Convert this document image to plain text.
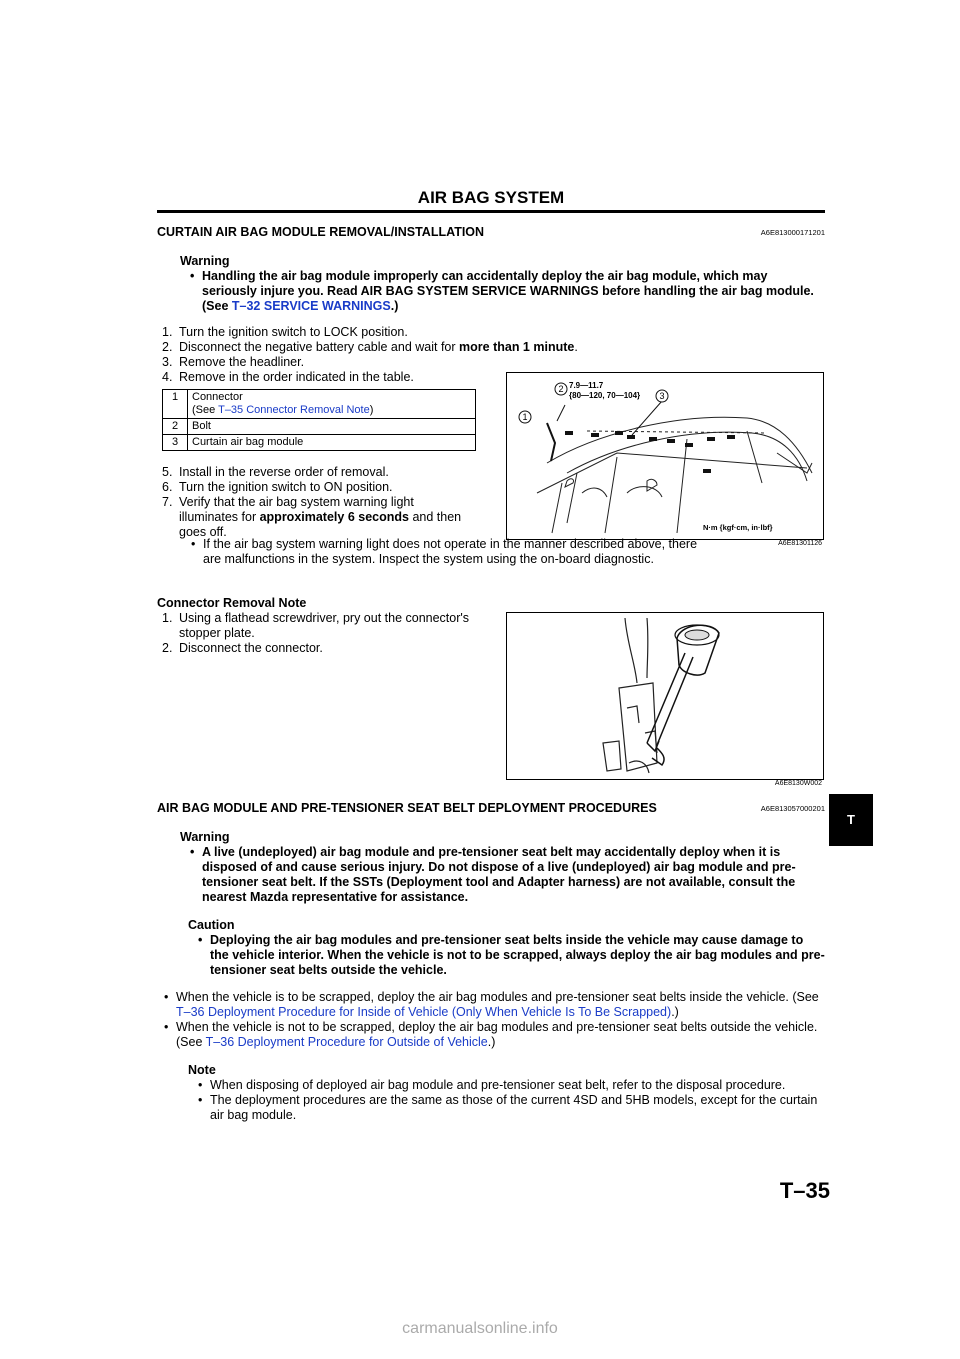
AIR BAG SYSTEM
CURTAIN AIR BAG MODULE REMOVAL/INSTALLATION	A6E813000171201
Warning
• Handling the air bag module improperly can accidentally deploy the air bag module, which may seriously injure you. Read AIR BAG SYSTEM SERVICE WARNINGS before handling the air bag module. (See T–32 SERVICE WARNINGS.)
1. Turn the ignition switch to LOCK position.
2. Disconnect the negative battery cable and wait for more than 1 minute.
3. Remove the headliner.
4. Remove in the order indicated in the table.
1	Connector
(See T–35 Connector Removal Note)
2	Bolt
3	Curtain air bag module
5. Install in the reverse order of removal.
6. Turn the ignition switch to ON position.
7. Verify that the air bag system warning light illuminates for approximately 6 seconds and then goes off.
• If the air bag system warning light does not operate in the manner described above, there are malfunctions in the system. Inspect the system using the on-board diagnostic.
1
2
3
7.9—11.7
{80—120, 70—104}
N·m {kgf·cm, in·lbf}
A6E81301126
Connector Removal Note
1. Using a flathead screwdriver, pry out the connector's stopper plate.
2. Disconnect the connector.
A6E8130W002
AIR BAG MODULE AND PRE-TENSIONER SEAT BELT DEPLOYMENT PROCEDURES	A6E813057000201
Warning
• A live (undeployed) air bag module and pre-tensioner seat belt may accidentally deploy when it is disposed of and cause serious injury. Do not dispose of a live (undeployed) air bag module and pre-tensioner seat belt. If the SSTs (Deployment tool and Adapter harness) are not available, consult the nearest Mazda representative for assistance.
Caution
• Deploying the air bag modules and pre-tensioner seat belts inside the vehicle may cause damage to the vehicle interior. When the vehicle is not to be scrapped, always deploy the air bag modules and pre-tensioner seat belts outside the vehicle.
• When the vehicle is to be scrapped, deploy the air bag modules and pre-tensioner seat belts inside the vehicle. (See T–36 Deployment Procedure for Inside of Vehicle (Only When Vehicle Is To Be Scrapped).)
• When the vehicle is not to be scrapped, deploy the air bag modules and pre-tensioner seat belts outside the vehicle. (See T–36 Deployment Procedure for Outside of Vehicle.)
Note
• When disposing of deployed air bag module and pre-tensioner seat belt, refer to the disposal procedure.
• The deployment procedures are the same as those of the current 4SD and 5HB models, except for the curtain air bag module.
T
T–35
carmanualsonline.info
